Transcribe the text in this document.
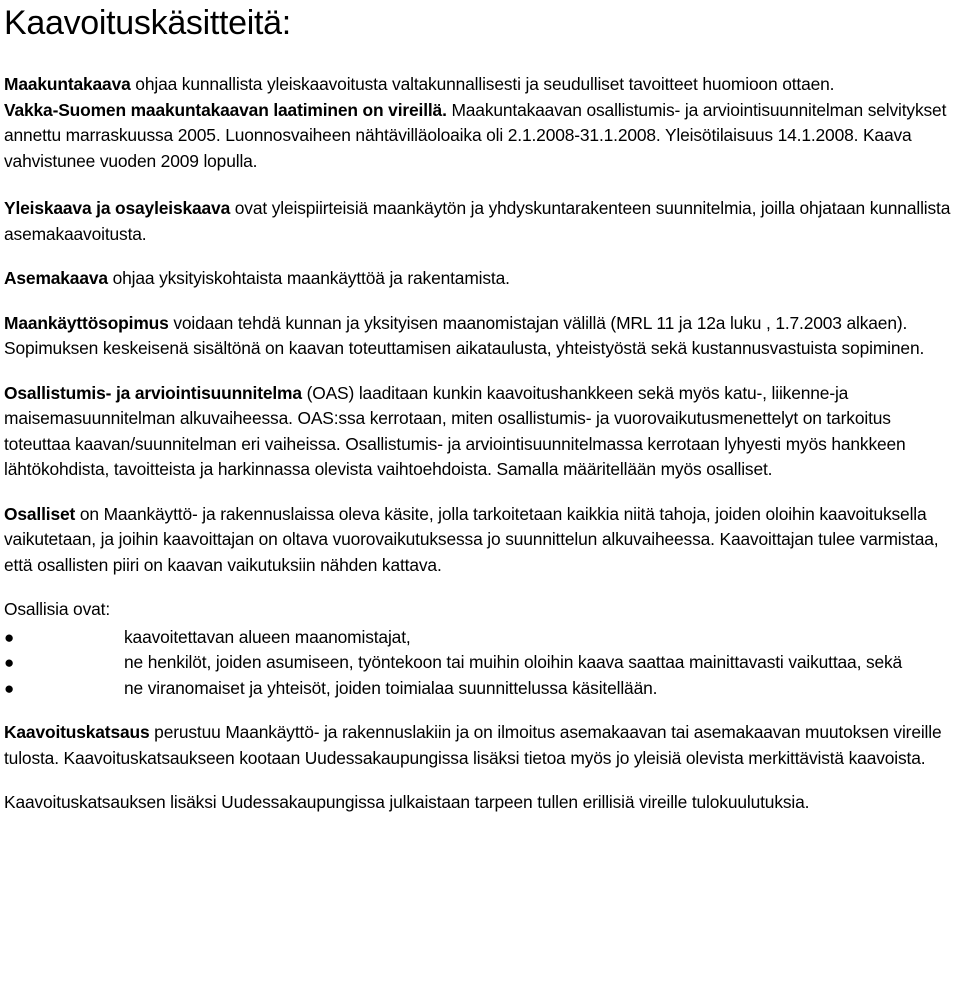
Kaavoituskäsitteitä:

Maakuntakaava ohjaa kunnallista yleiskaavoitusta valtakunnallisesti ja seudulliset tavoitteet huomioon ottaen.
Vakka-Suomen maakuntakaavan laatiminen on vireillä. Maakuntakaavan osallistumis- ja arviointisuunnitelman selvitykset annettu marraskuussa 2005. Luonnosvaiheen nähtävilläoloaika oli 2.1.2008-31.1.2008. Yleisötilaisuus 14.1.2008. Kaava vahvistunee vuoden 2009 lopulla.

Yleiskaava ja osayleiskaava ovat yleispiirteisiä maankäytön ja yhdyskuntarakenteen suunnitelmia, joilla ohjataan kunnallista asemakaavoitusta.

Asemakaava ohjaa yksityiskohtaista maankäyttöä ja rakentamista.

Maankäyttösopimus voidaan tehdä kunnan ja yksityisen maanomistajan välillä (MRL 11 ja 12a luku , 1.7.2003 alkaen). Sopimuksen keskeisenä sisältönä on kaavan toteuttamisen aikataulusta, yhteistyöstä sekä kustannusvastuista sopiminen.

Osallistumis- ja arviointisuunnitelma (OAS) laaditaan kunkin kaavoitushankkeen sekä myös katu-, liikenne-ja maisemasuunnitelman alkuvaiheessa. OAS:ssa kerrotaan, miten osallistumis- ja vuorovaikutusmenettelyt on tarkoitus toteuttaa kaavan/suunnitelman eri vaiheissa. Osallistumis- ja arviointisuunnitelmassa kerrotaan lyhyesti myös hankkeen lähtökohdista, tavoitteista ja harkinnassa olevista vaihtoehdoista. Samalla määritellään myös osalliset.

Osalliset on Maankäyttö- ja rakennuslaissa oleva käsite, jolla tarkoitetaan kaikkia niitä tahoja, joiden oloihin kaavoituksella vaikutetaan, ja joihin kaavoittajan on oltava vuorovaikutuksessa jo suunnittelun alkuvaiheessa. Kaavoittajan tulee varmistaa, että osallisten piiri on kaavan vaikutuksiin nähden kattava.

Osallisia ovat:

●	kaavoitettavan alueen maanomistajat,
●	ne henkilöt, joiden asumiseen, työntekoon tai muihin oloihin kaava saattaa mainittavasti vaikuttaa, sekä
●	ne viranomaiset ja yhteisöt, joiden toimialaa suunnittelussa käsitellään.

Kaavoituskatsaus perustuu Maankäyttö- ja rakennuslakiin ja on ilmoitus asemakaavan tai asemakaavan muutoksen vireille tulosta. Kaavoituskatsaukseen kootaan Uudessakaupungissa lisäksi tietoa myös jo yleisiä olevista merkittävistä kaavoista.

Kaavoituskatsauksen lisäksi Uudessakaupungissa julkaistaan tarpeen tullen erillisiä vireille tulokuulutuksia.
